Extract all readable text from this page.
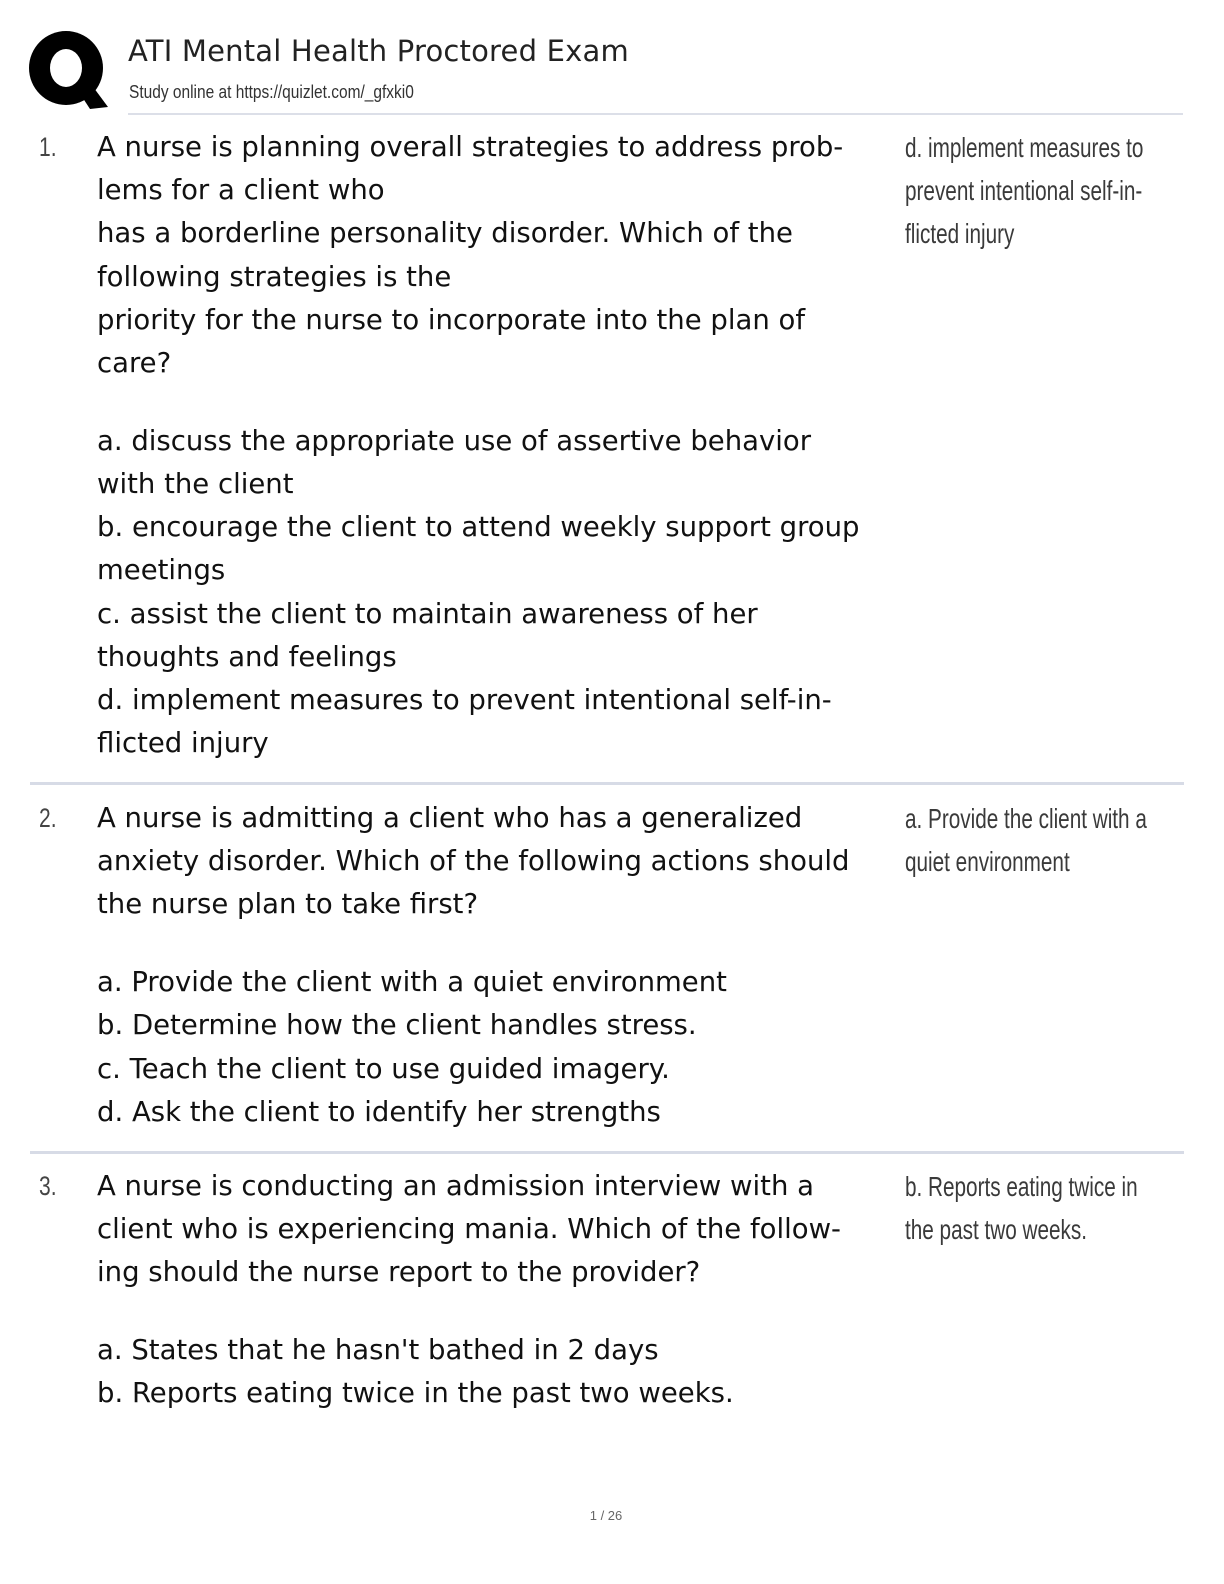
ATI Mental Health Proctored Exam
Study online at https://quizlet.com/_gfxki0
1. A nurse is planning overall strategies to address prob-
lems for a client who
has a borderline personality disorder. Which of the
following strategies is the
priority for the nurse to incorporate into the plan of
care?
a. discuss the appropriate use of assertive behavior
with the client
b. encourage the client to attend weekly support group
meetings
c. assist the client to maintain awareness of her
thoughts and feelings
d. implement measures to prevent intentional self-in-
flicted injury
d. implement measures to
prevent intentional self-in-
flicted injury
2. A nurse is admitting a client who has a generalized
anxiety disorder. Which of the following actions should
the nurse plan to take first?
a. Provide the client with a quiet environment
b. Determine how the client handles stress.
c. Teach the client to use guided imagery.
d. Ask the client to identify her strengths
a. Provide the client with a
quiet environment
3. A nurse is conducting an admission interview with a
client who is experiencing mania. Which of the follow-
ing should the nurse report to the provider?
a. States that he hasn't bathed in 2 days
b. Reports eating twice in the past two weeks.
b. Reports eating twice in
the past two weeks.
1 / 26
